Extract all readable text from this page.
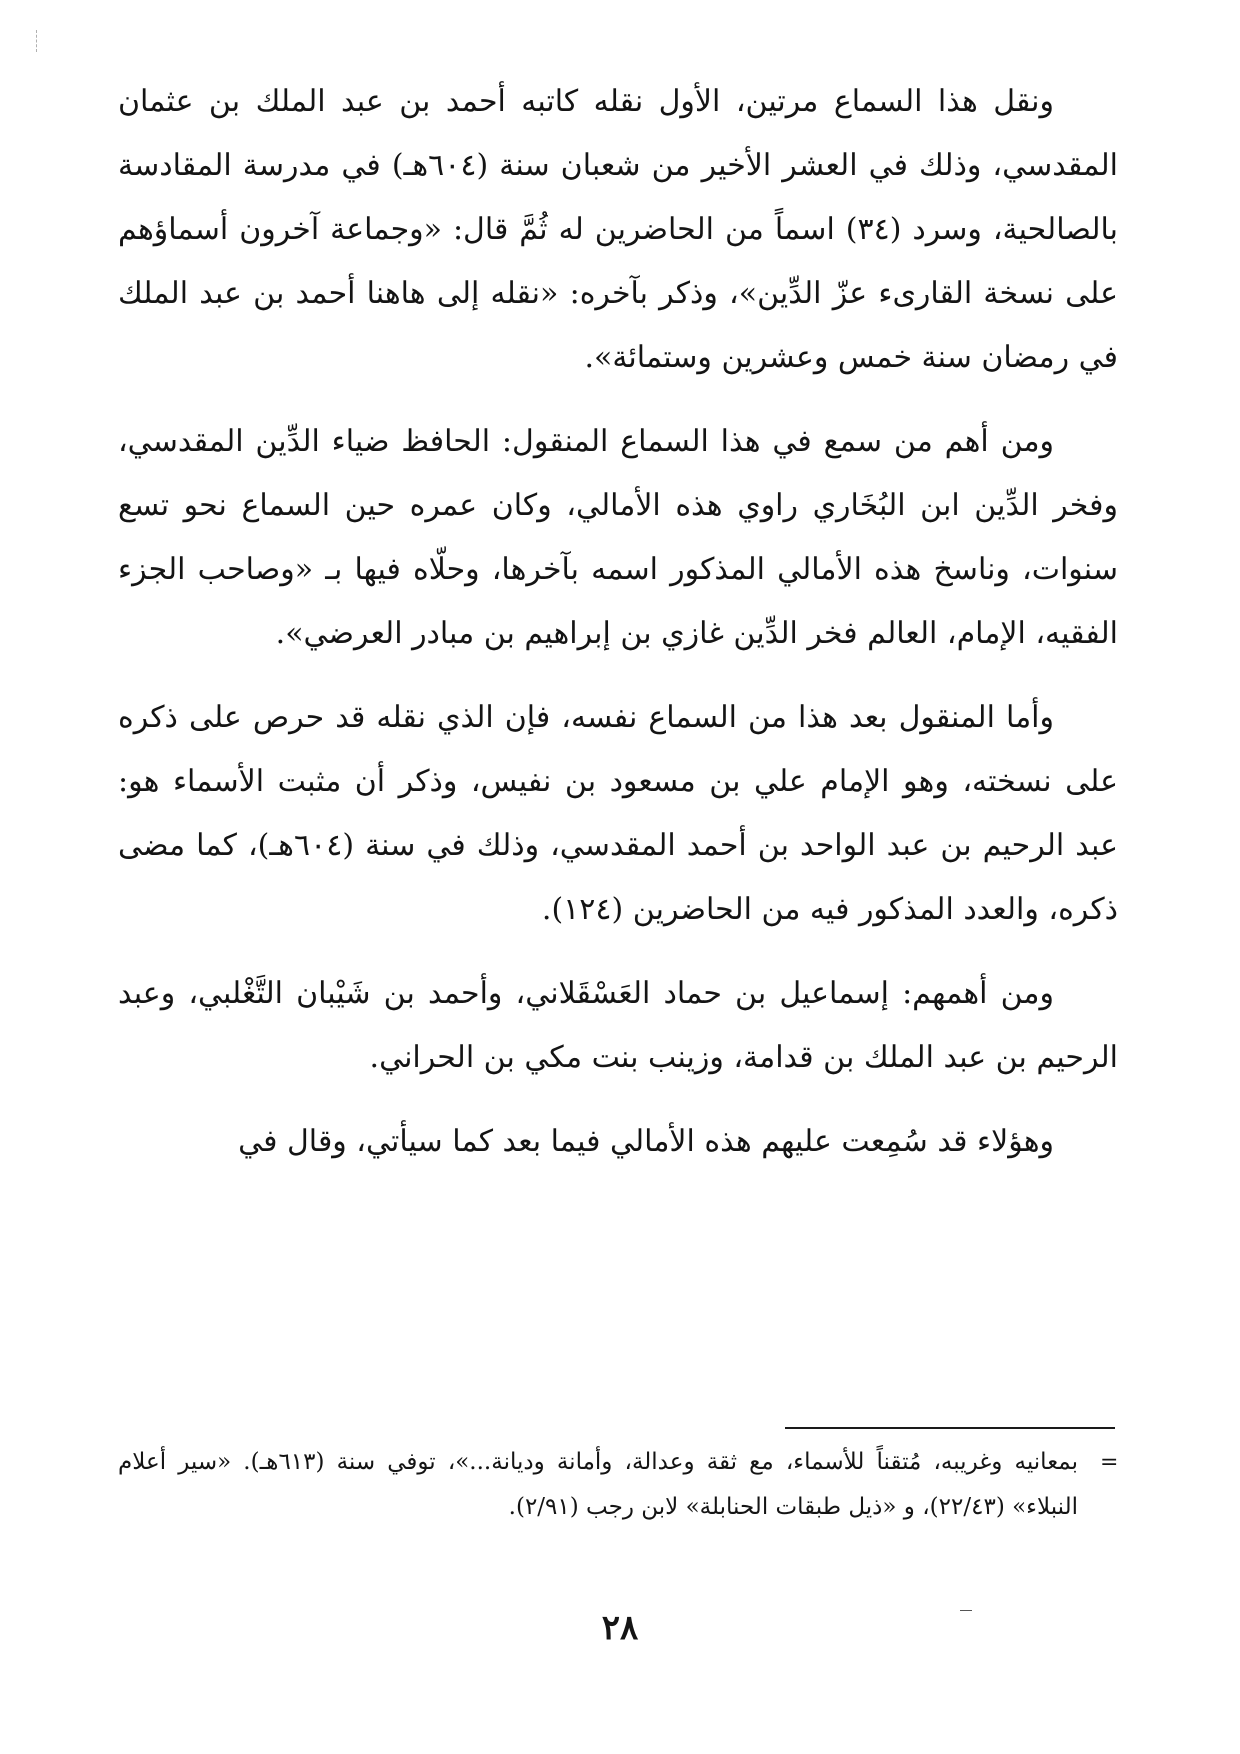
ونقل هذا السماع مرتين، الأول نقله كاتبه أحمد بن عبد الملك بن عثمان المقدسي، وذلك في العشر الأخير من شعبان سنة (٦٠٤هـ) في مدرسة المقادسة بالصالحية، وسرد (٣٤) اسماً من الحاضرين له ثُمَّ قال: «وجماعة آخرون أسماؤهم على نسخة القارىء عزّ الدِّين»، وذكر بآخره: «نقله إلى هاهنا أحمد بن عبد الملك في رمضان سنة خمس وعشرين وستمائة».

ومن أهم من سمع في هذا السماع المنقول: الحافظ ضياء الدِّين المقدسي، وفخر الدِّين ابن البُخَاري راوي هذه الأمالي، وكان عمره حين السماع نحو تسع سنوات، وناسخ هذه الأمالي المذكور اسمه بآخرها، وحلّاه فيها بـ «وصاحب الجزء الفقيه، الإمام، العالم فخر الدِّين غازي بن إبراهيم بن مبادر العرضي».

وأما المنقول بعد هذا من السماع نفسه، فإن الذي نقله قد حرص على ذكره على نسخته، وهو الإمام علي بن مسعود بن نفيس، وذكر أن مثبت الأسماء هو: عبد الرحيم بن عبد الواحد بن أحمد المقدسي، وذلك في سنة (٦٠٤هـ)، كما مضى ذكره، والعدد المذكور فيه من الحاضرين (١٢٤).

ومن أهمهم: إسماعيل بن حماد العَسْقَلاني، وأحمد بن شَيْبان التَّغْلبي، وعبد الرحيم بن عبد الملك بن قدامة، وزينب بنت مكي بن الحراني.

وهؤلاء قد سُمِعت عليهم هذه الأمالي فيما بعد كما سيأتي، وقال في

=
بمعانيه وغريبه، مُتقناً للأسماء، مع ثقة وعدالة، وأمانة وديانة...»، توفي سنة (٦١٣هـ). «سير أعلام النبلاء» (٢٢/٤٣)، و «ذيل طبقات الحنابلة» لابن رجب (٢/٩١).
٢٨
